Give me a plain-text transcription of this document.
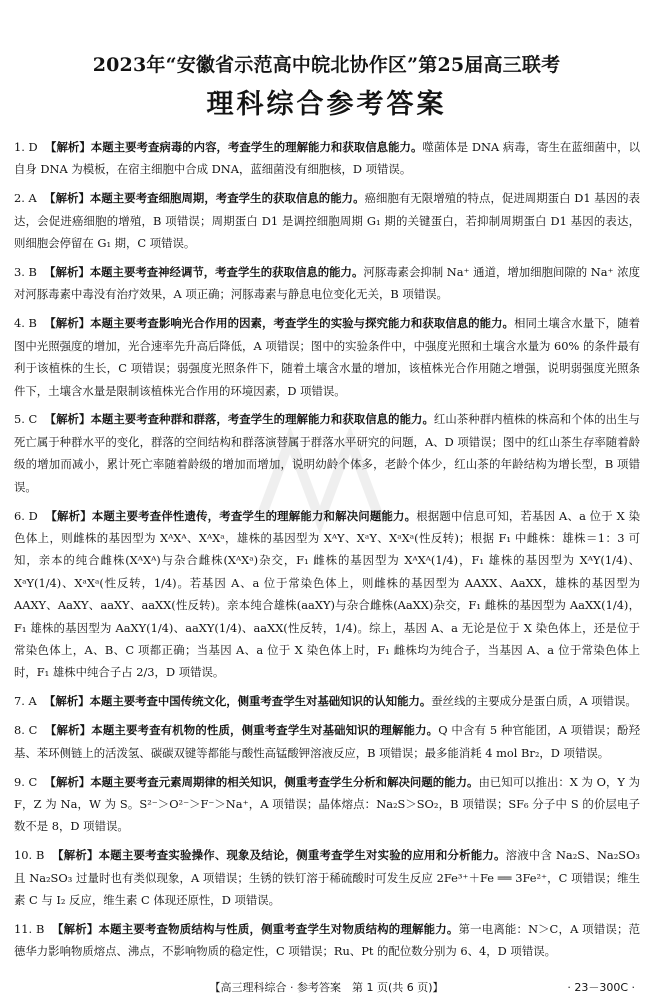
2023年“安徽省示范高中皖北协作区”第25届高三联考
理科综合参考答案
1. D 【解析】本题主要考查病毒的内容，考查学生的理解能力和获取信息能力。噬菌体是 DNA 病毒，寄生在蓝细菌中，以自身 DNA 为模板，在宿主细胞中合成 DNA，蓝细菌没有细胞核，D 项错误。
2. A 【解析】本题主要考查细胞周期，考查学生的获取信息的能力。癌细胞有无限增殖的特点，促进周期蛋白 D1 基因的表达，会促进癌细胞的增殖，B 项错误；周期蛋白 D1 是调控细胞周期 G₁ 期的关键蛋白，若抑制周期蛋白 D1 基因的表达，则细胞会停留在 G₁ 期，C 项错误。
3. B 【解析】本题主要考查神经调节，考查学生的获取信息的能力。河豚毒素会抑制 Na⁺ 通道，增加细胞间隙的 Na⁺ 浓度对河豚毒素中毒没有治疗效果，A 项正确；河豚毒素与静息电位变化无关，B 项错误。
4. B 【解析】本题主要考查影响光合作用的因素，考查学生的实验与探究能力和获取信息的能力。相同土壤含水量下，随着图中光照强度的增加，光合速率先升高后降低，A 项错误；图中的实验条件中，中强度光照和土壤含水量为 60% 的条件最有利于该植株的生长，C 项错误；弱强度光照条件下，随着土壤含水量的增加，该植株光合作用随之增强，说明弱强度光照条件下，土壤含水量是限制该植株光合作用的环境因素，D 项错误。
5. C 【解析】本题主要考查种群和群落，考查学生的理解能力和获取信息的能力。红山茶种群内植株的株高和个体的出生与死亡属于种群水平的变化，群落的空间结构和群落演替属于群落水平研究的问题，A、D 项错误；图中的红山茶生存率随着龄级的增加而减小，累计死亡率随着龄级的增加而增加，说明幼龄个体多，老龄个体少，红山茶的年龄结构为增长型，B 项错误。
6. D 【解析】本题主要考查伴性遗传，考查学生的理解能力和解决问题能力。根据题中信息可知，若基因 A、a 位于 X 染色体上，则雌株的基因型为 XᴬXᴬ、XᴬXᵃ，雄株的基因型为 XᴬY、XᵃY、XᵃXᵃ(性反转)；根据 F₁ 中雌株：雄株＝1：3 可知，亲本的纯合雌株(XᴬXᴬ)与杂合雌株(XᴬXᵃ)杂交，F₁ 雌株的基因型为 XᴬXᴬ(1/4)，F₁ 雄株的基因型为 XᴬY(1/4)、XᵃY(1/4)、XᵃXᵃ(性反转，1/4)。若基因 A、a 位于常染色体上，则雌株的基因型为 AAXX、AaXX，雄株的基因型为 AAXY、AaXY、aaXY、aaXX(性反转)。亲本纯合雄株(aaXY)与杂合雌株(AaXX)杂交，F₁ 雌株的基因型为 AaXX(1/4)，F₁ 雄株的基因型为 AaXY(1/4)、aaXY(1/4)、aaXX(性反转，1/4)。综上，基因 A、a 无论是位于 X 染色体上，还是位于常染色体上，A、B、C 项都正确；当基因 A、a 位于 X 染色体上时，F₁ 雌株均为纯合子，当基因 A、a 位于常染色体上时，F₁ 雄株中纯合子占 2/3，D 项错误。
7. A 【解析】本题主要考查中国传统文化，侧重考查学生对基础知识的认知能力。蚕丝线的主要成分是蛋白质，A 项错误。
8. C 【解析】本题主要考查有机物的性质，侧重考查学生对基础知识的理解能力。Q 中含有 5 种官能团，A 项错误；酚羟基、苯环侧链上的活泼氢、碳碳双键等都能与酸性高锰酸钾溶液反应，B 项错误；最多能消耗 4 mol Br₂，D 项错误。
9. C 【解析】本题主要考查元素周期律的相关知识，侧重考查学生分析和解决问题的能力。由已知可以推出：X 为 O，Y 为 F，Z 为 Na，W 为 S。S²⁻＞O²⁻＞F⁻＞Na⁺，A 项错误；晶体熔点：Na₂S＞SO₂，B 项错误；SF₆ 分子中 S 的价层电子数不是 8，D 项错误。
10. B 【解析】本题主要考查实验操作、现象及结论，侧重考查学生对实验的应用和分析能力。溶液中含 Na₂S、Na₂SO₃ 且 Na₂SO₃ 过量时也有类似现象，A 项错误；生锈的铁钉溶于稀硫酸时可发生反应 2Fe³⁺＋Fe ══ 3Fe²⁺，C 项错误；维生素 C 与 I₂ 反应，维生素 C 体现还原性，D 项错误。
11. B 【解析】本题主要考查物质结构与性质，侧重考查学生对物质结构的理解能力。第一电离能：N＞C，A 项错误；范德华力影响物质熔点、沸点，不影响物质的稳定性，C 项错误；Ru、Pt 的配位数分别为 6、4，D 项错误。
【高三理科综合 · 参考答案　第 1 页(共 6 页)】	· 23－300C ·
